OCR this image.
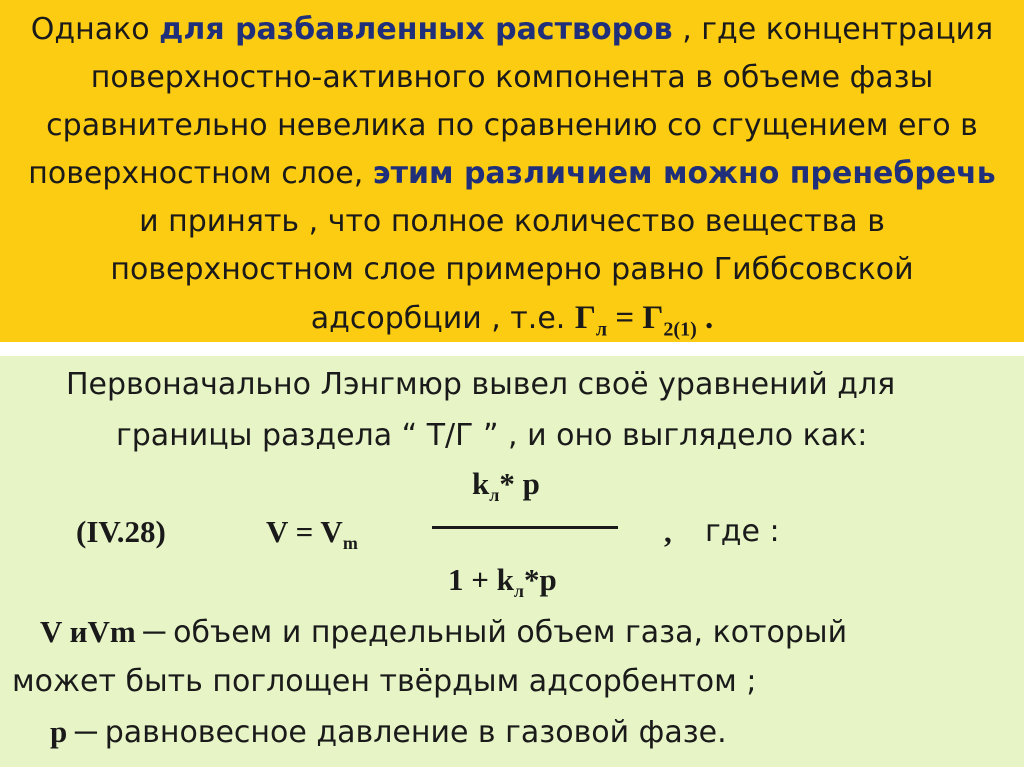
Однако для разбавленных растворов , где концентрация
поверхностно-активного компонента в объеме фазы
сравнительно невелика по сравнению со сгущением его в
поверхностном слое, этим различием можно пренебречь
и принять , что полное количество вещества в
поверхностном слое примерно равно Гиббсовской
адсорбции , т.е. $Г_л = Г_{2(1)}$ .
Первоначально Лэнгмюр вывел своё уравнений для
границы раздела “ Т/Г ” , и оно выглядело как:
$k_л*$ p
(IV.28)	$V = V_m$	, где :
$1 + k_л*p$
V иVm ─ объем и предельный объем газа, который
может быть поглощен твёрдым адсорбентом ;
p ─ равновесное давление в газовой фазе.
